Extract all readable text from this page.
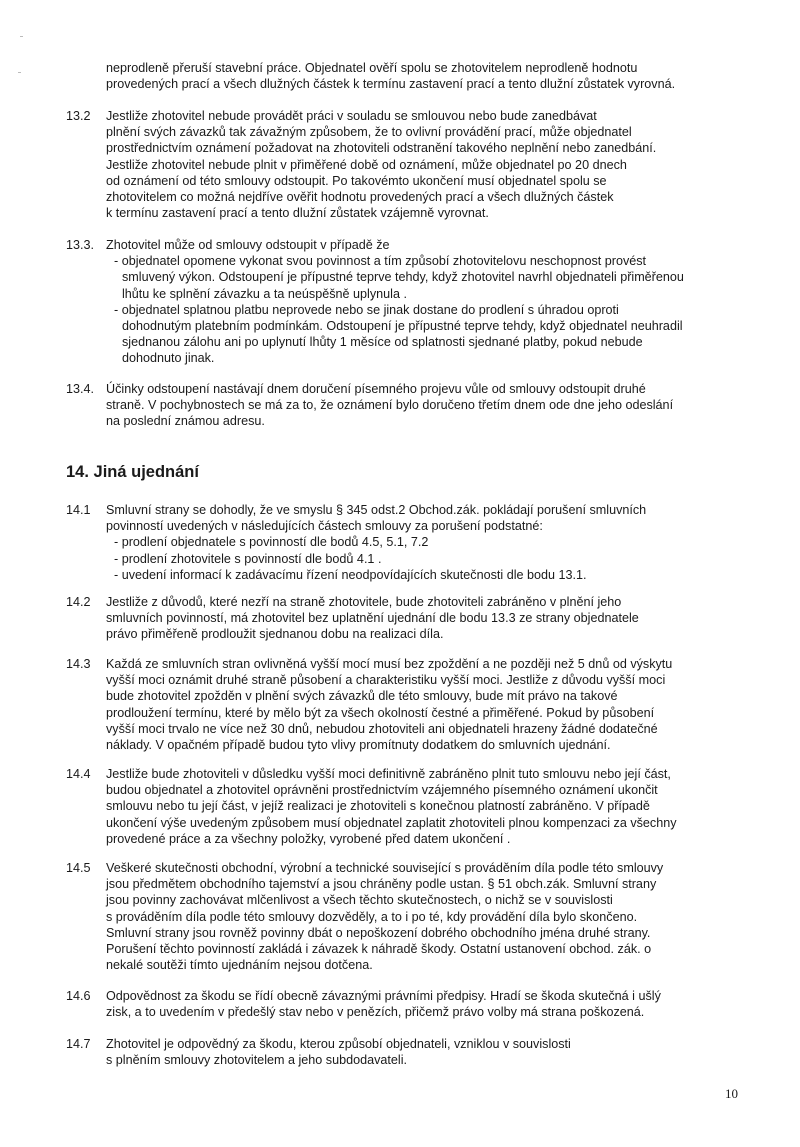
neprodleně přeruší stavební práce. Objednatel ověří spolu se zhotovitelem neprodleně hodnotu

provedených prací a všech dlužných částek k termínu zastavení prací a tento dlužní zůstatek vyrovná.

13.2 Jestliže zhotovitel nebude provádět práci v souladu se smlouvou nebo bude zanedbávat

plnění svých závazků tak závažným způsobem, že to ovlivní provádění prací, může objednatel

prostřednictvím oznámení požadovat na zhotoviteli odstranění takového neplnění nebo zanedbání.

Jestliže zhotovitel nebude plnit v přiměřené době od oznámení, může objednatel po 20 dnech

od oznámení od této smlouvy odstoupit. Po takovémto ukončení musí objednatel spolu se

zhotovitelem co možná nejdříve ověřit hodnotu provedených prací a všech dlužných částek

k termínu zastavení prací a tento dlužní zůstatek vzájemně vyrovnat.

13.3. Zhotovitel může od smlouvy odstoupit v případě že

- objednatel opomene vykonat svou povinnost a tím způsobí zhotovitelovu neschopnost provést

smluvený výkon. Odstoupení je přípustné teprve tehdy, když zhotovitel navrhl objednateli přiměřenou

lhůtu ke splnění závazku a ta neúspěšně uplynula .

- objednatel splatnou platbu neprovede nebo se jinak dostane do prodlení s úhradou oproti

dohodnutým platebním podmínkám. Odstoupení je přípustné teprve tehdy, když objednatel neuhradil

sjednanou zálohu ani po uplynutí lhůty 1 měsíce od splatnosti sjednané platby, pokud nebude

dohodnuto jinak.

13.4. Účinky odstoupení nastávají dnem doručení písemného projevu vůle od smlouvy odstoupit druhé

straně. V pochybnostech se má za to, že oznámení bylo doručeno třetím dnem ode dne jeho odeslání

na poslední známou adresu.

14. Jiná ujednání
14.1 Smluvní strany se dohodly, že ve smyslu § 345 odst.2 Obchod.zák. pokládají porušení smluvních

povinností uvedených v následujících částech smlouvy za porušení podstatné:

- prodlení objednatele s povinností dle bodů 4.5, 5.1, 7.2

- prodlení zhotovitele s povinností dle bodů 4.1 .

- uvedení informací k zadávacímu řízení neodpovídajících skutečnosti dle bodu 13.1.

14.2 Jestliže z důvodů, které nezří na straně zhotovitele, bude zhotoviteli zabráněno v plnění jeho

smluvních povinností, má zhotovitel bez uplatnění ujednání dle bodu 13.3 ze strany objednatele

právo přiměřeně prodloužit sjednanou dobu na realizaci díla.

14.3 Každá ze smluvních stran ovlivněná vyšší mocí musí bez zpoždění a ne později než 5 dnů od výskytu

vyšší moci oznámit druhé straně působení a charakteristiku vyšší moci. Jestliže z důvodu vyšší moci

bude zhotovitel zpožděn v plnění svých závazků dle této smlouvy, bude mít právo na takové

prodloužení termínu, které by mělo být za všech okolností čestné a přiměřené. Pokud by působení

vyšší moci trvalo ne více než 30 dnů, nebudou zhotoviteli ani objednateli hrazeny žádné dodatečné

náklady. V opačném případě budou tyto vlivy promítnuty dodatkem do smluvních ujednání.

14.4 Jestliže bude zhotoviteli v důsledku vyšší moci definitivně zabráněno plnit tuto smlouvu nebo její část,

budou objednatel a zhotovitel oprávněni prostřednictvím vzájemného písemného oznámení ukončit

smlouvu nebo tu její část, v jejíž realizaci je zhotoviteli s konečnou platností zabráněno. V případě

ukončení výše uvedeným způsobem musí objednatel zaplatit zhotoviteli plnou kompenzaci za všechny

provedené práce a za všechny položky, vyrobené před datem ukončení .

14.5 Veškeré skutečnosti obchodní, výrobní a technické související s prováděním díla podle této smlouvy

jsou předmětem obchodního tajemství a jsou chráněny podle ustan. § 51 obch.zák. Smluvní strany

jsou povinny zachovávat mlčenlivost a všech těchto skutečnostech, o nichž se v souvislosti

s prováděním díla podle této smlouvy dozvěděly, a to i po té, kdy provádění díla bylo skončeno.

Smluvní strany jsou rovněž povinny dbát o nepoškození dobrého obchodního jména druhé strany.

Porušení těchto povinností zakládá i závazek k náhradě škody. Ostatní ustanovení obchod. zák. o

nekalé soutěži tímto ujednáním nejsou dotčena.

14.6 Odpovědnost za škodu se řídí obecně závaznými právními předpisy. Hradí se škoda skutečná i ušlý

zisk, a to uvedením v předešlý stav nebo v penězích, přičemž právo volby má strana poškozená.

14.7 Zhotovitel je odpovědný za škodu, kterou způsobí objednateli, vzniklou v souvislosti

s plněním smlouvy zhotovitelem a jeho subdodavateli.

10
